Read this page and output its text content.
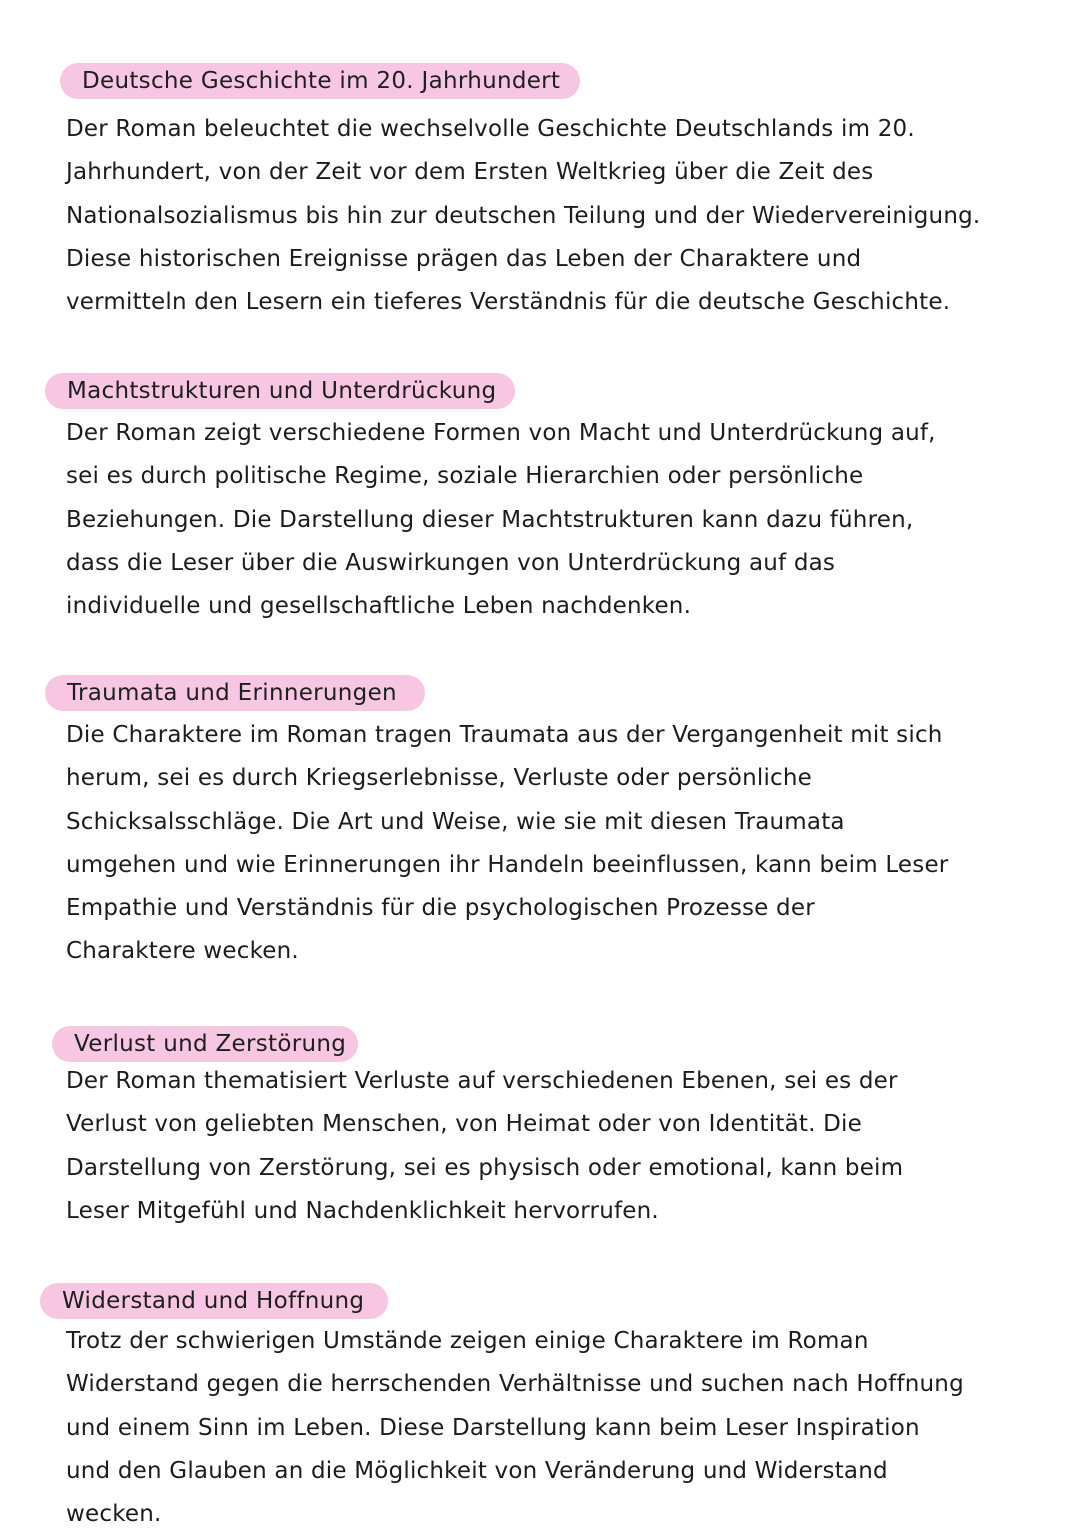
Deutsche Geschichte im 20. Jahrhundert

Der Roman beleuchtet die wechselvolle Geschichte Deutschlands im 20.
Jahrhundert, von der Zeit vor dem Ersten Weltkrieg über die Zeit des
Nationalsozialismus bis hin zur deutschen Teilung und der Wiedervereinigung.
Diese historischen Ereignisse prägen das Leben der Charaktere und
vermitteln den Lesern ein tieferes Verständnis für die deutsche Geschichte.

Machtstrukturen und Unterdrückung

Der Roman zeigt verschiedene Formen von Macht und Unterdrückung auf,
sei es durch politische Regime, soziale Hierarchien oder persönliche
Beziehungen. Die Darstellung dieser Machtstrukturen kann dazu führen,
dass die Leser über die Auswirkungen von Unterdrückung auf das
individuelle und gesellschaftliche Leben nachdenken.

Traumata und Erinnerungen

Die Charaktere im Roman tragen Traumata aus der Vergangenheit mit sich
herum, sei es durch Kriegserlebnisse, Verluste oder persönliche
Schicksalsschläge. Die Art und Weise, wie sie mit diesen Traumata
umgehen und wie Erinnerungen ihr Handeln beeinflussen, kann beim Leser
Empathie und Verständnis für die psychologischen Prozesse der
Charaktere wecken.

Verlust und Zerstörung

Der Roman thematisiert Verluste auf verschiedenen Ebenen, sei es der
Verlust von geliebten Menschen, von Heimat oder von Identität. Die
Darstellung von Zerstörung, sei es physisch oder emotional, kann beim
Leser Mitgefühl und Nachdenklichkeit hervorrufen.

Widerstand und Hoffnung

Trotz der schwierigen Umstände zeigen einige Charaktere im Roman
Widerstand gegen die herrschenden Verhältnisse und suchen nach Hoffnung
und einem Sinn im Leben. Diese Darstellung kann beim Leser Inspiration
und den Glauben an die Möglichkeit von Veränderung und Widerstand
wecken.
